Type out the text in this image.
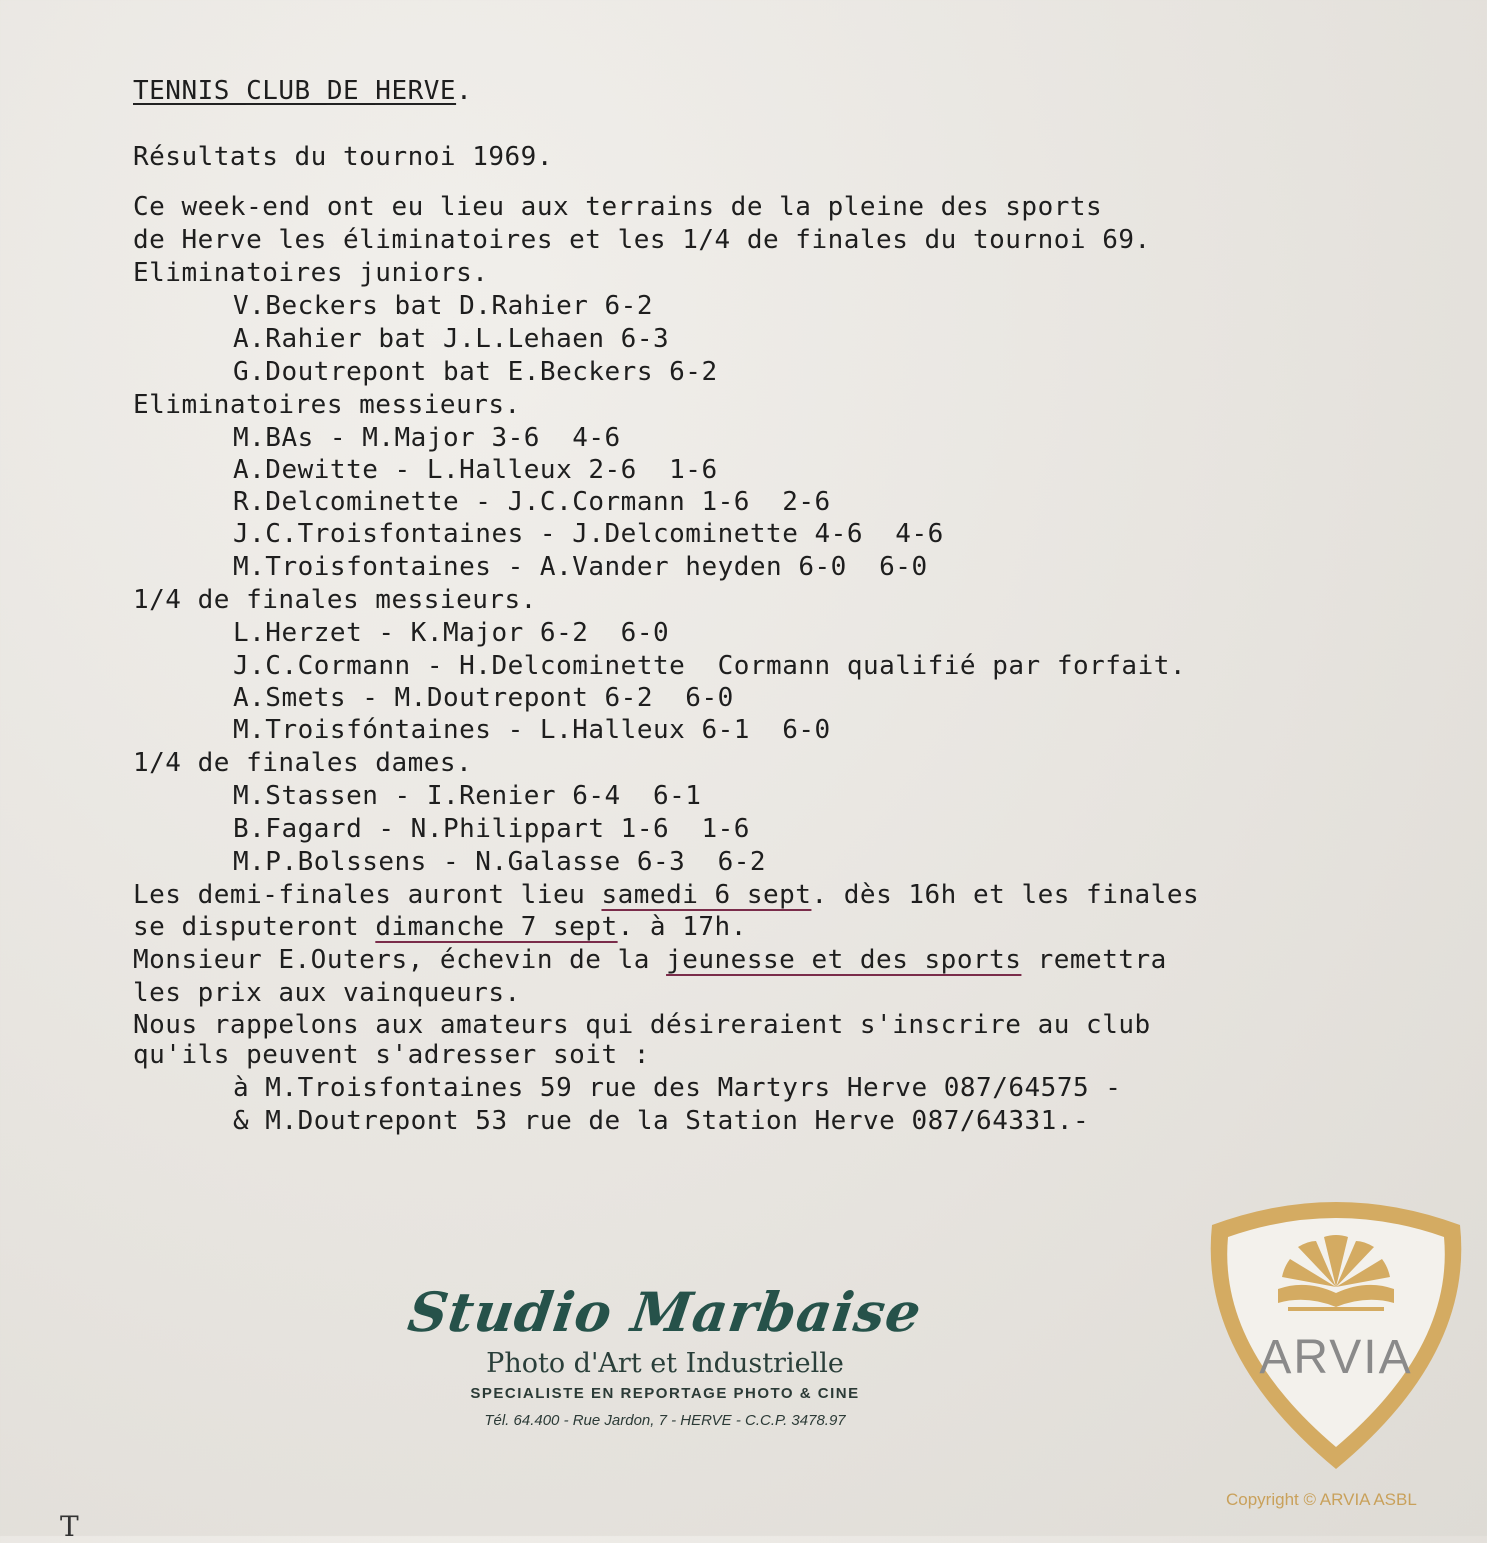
TENNIS_CLUB_DE_HERVE.

Résultats du tournoi 1969.

Ce week-end ont eu lieu aux terrains de la pleine des sports

de Herve les éliminatoires et les 1/4 de finales du tournoi 69.

Eliminatoires juniors.

V.Beckers bat D.Rahier 6-2

A.Rahier bat J.L.Lehaen 6-3

G.Doutrepont bat E.Beckers 6-2

Eliminatoires messieurs.

M.BAs - M.Major 3-6  4-6

A.Dewitte - L.Halleux 2-6  1-6

R.Delcominette - J.C.Cormann 1-6  2-6

J.C.Troisfontaines - J.Delcominette 4-6  4-6

M.Troisfontaines - A.Vander heyden 6-0  6-0

1/4 de finales messieurs.

L.Herzet - K.Major 6-2  6-0

J.C.Cormann - H.Delcominette  Cormann qualifié par forfait.

A.Smets - M.Doutrepont 6-2  6-0

M.Troisfóntaines - L.Halleux 6-1  6-0

1/4 de finales dames.

M.Stassen - I.Renier 6-4  6-1

B.Fagard - N.Philippart 1-6  1-6

M.P.Bolssens - N.Galasse 6-3  6-2

Les demi-finales auront lieu samedi 6 sept. dès 16h et les finales

se disputeront dimanche 7 sept. à 17h.

Monsieur E.Outers, échevin de la jeunesse et des sports remettra

les prix aux vainqueurs.

Nous rappelons aux amateurs qui désireraient s'inscrire au club

qu'ils peuvent s'adresser soit :

à M.Troisfontaines 59 rue des Martyrs Herve 087/64575 -

& M.Doutrepont 53 rue de la Station Herve 087/64331.-

Studio Marbaise
Photo d'Art et Industrielle
SPECIALISTE EN REPORTAGE PHOTO & CINE
Tél. 64.400 - Rue Jardon, 7 - HERVE - C.C.P. 3478.97
ARVIA
Copyright © ARVIA ASBL
T
